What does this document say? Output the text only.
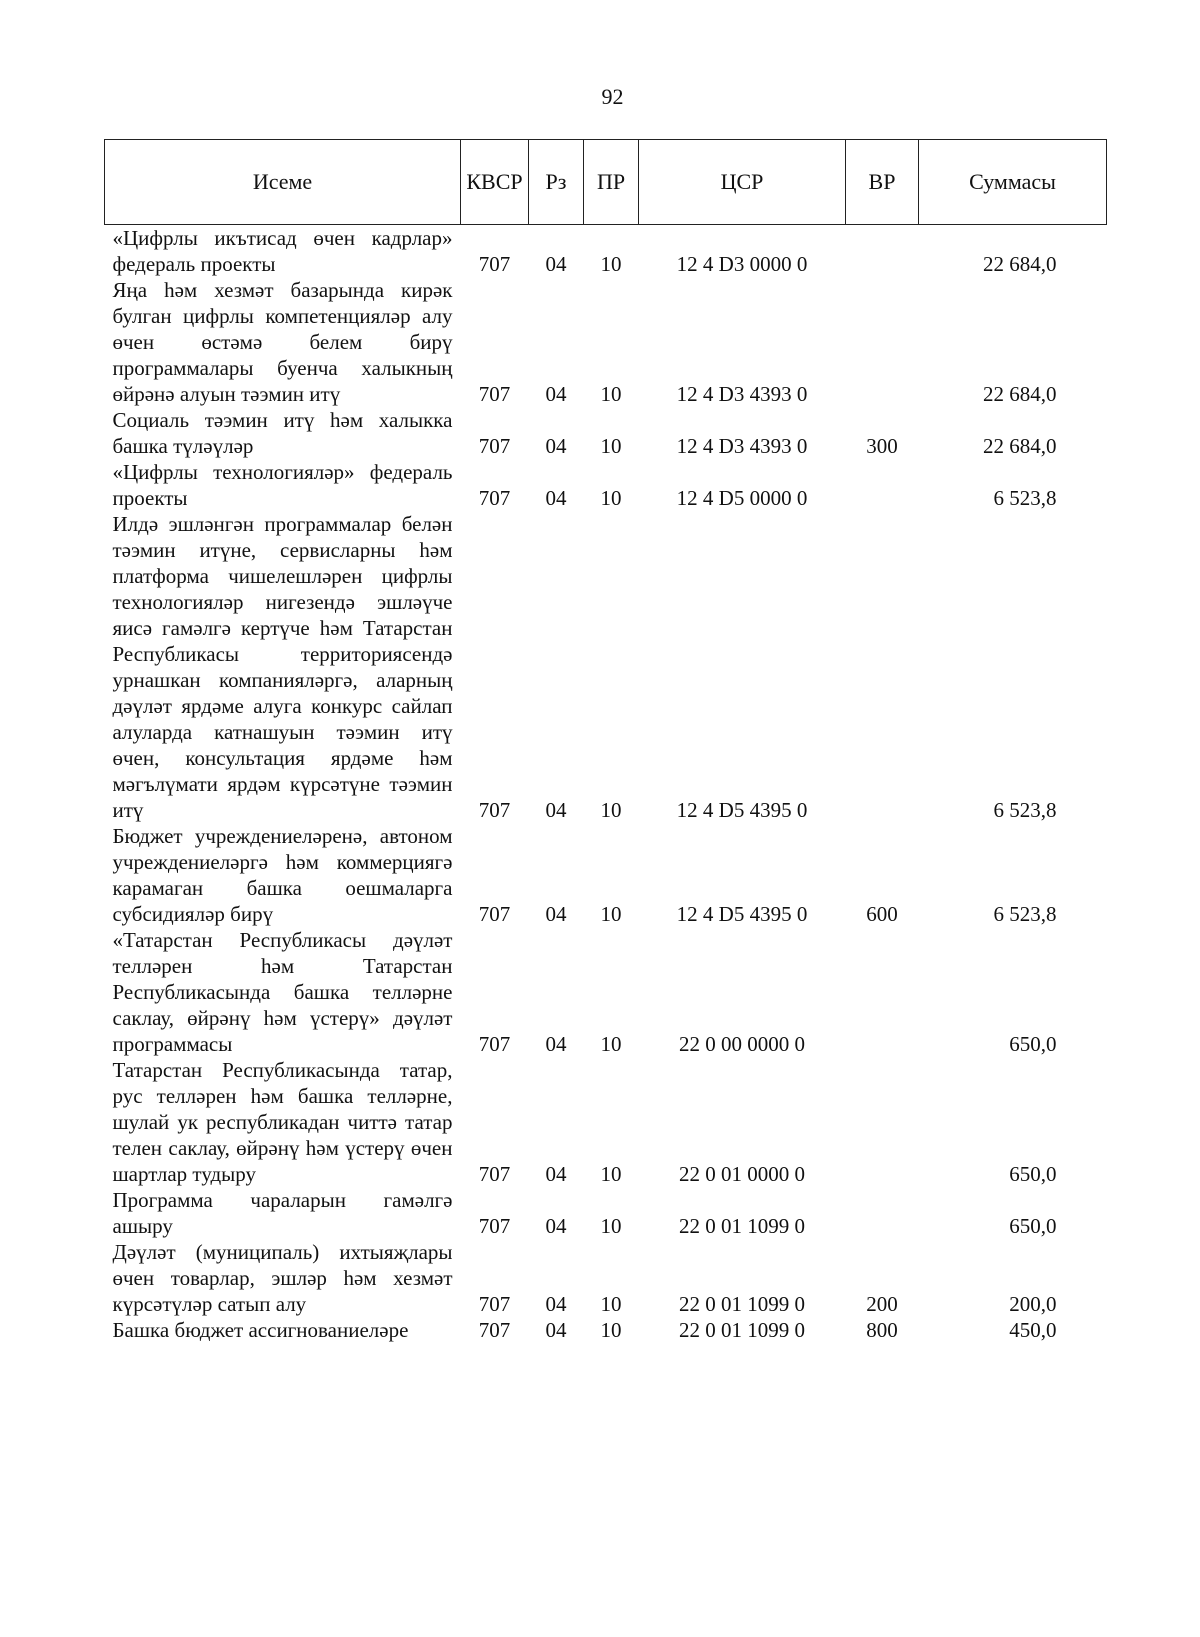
92
Исеме	КВСР	Рз	ПР	ЦСР	ВР	Суммасы
«Цифрлы икътисад өчен кадрлар» федераль проекты	707	04	10	12 4 D3 0000 0		22 684,0
Яңа һәм хезмәт базарында кирәк булган цифрлы компетенцияләр алу өчен өстәмә белем бирү программалары буенча халыкның өйрәнә алуын тәэмин итү	707	04	10	12 4 D3 4393 0		22 684,0
Социаль тәэмин итү һәм халыкка башка түләүләр	707	04	10	12 4 D3 4393 0	300	22 684,0
«Цифрлы технологияләр» федераль проекты	707	04	10	12 4 D5 0000 0		6 523,8
Илдә эшләнгән программалар белән тәэмин итүне, сервисларны һәм платформа чишелешләрен цифрлы технологияләр нигезендә эшләүче яисә гамәлгә кертүче һәм Татарстан Республикасы территориясендә урнашкан компанияләргә, аларның дәүләт ярдәме алуга конкурс сайлап алуларда катнашуын тәэмин итү өчен, консультация ярдәме һәм мәгълүмати ярдәм күрсәтүне тәэмин итү	707	04	10	12 4 D5 4395 0		6 523,8
Бюджет учреждениеләренә, автоном учреждениеләргә һәм коммерциягә карамаган башка оешмаларга субсидияләр бирү	707	04	10	12 4 D5 4395 0	600	6 523,8
«Татарстан Республикасы дәүләт телләрен һәм Татарстан Республикасында башка телләрне саклау, өйрәнү һәм үстерү» дәүләт программасы	707	04	10	22 0 00 0000 0		650,0
Татарстан Республикасында татар, рус телләрен һәм башка телләрне, шулай ук республикадан читтә татар телен саклау, өйрәнү һәм үстерү өчен шартлар тудыру	707	04	10	22 0 01 0000 0		650,0
Программа чараларын гамәлгә ашыру	707	04	10	22 0 01 1099 0		650,0
Дәүләт (муниципаль) ихтыяҗлары өчен товарлар, эшләр һәм хезмәт күрсәтүләр сатып алу	707	04	10	22 0 01 1099 0	200	200,0
Башка бюджет ассигнованиеләре	707	04	10	22 0 01 1099 0	800	450,0
